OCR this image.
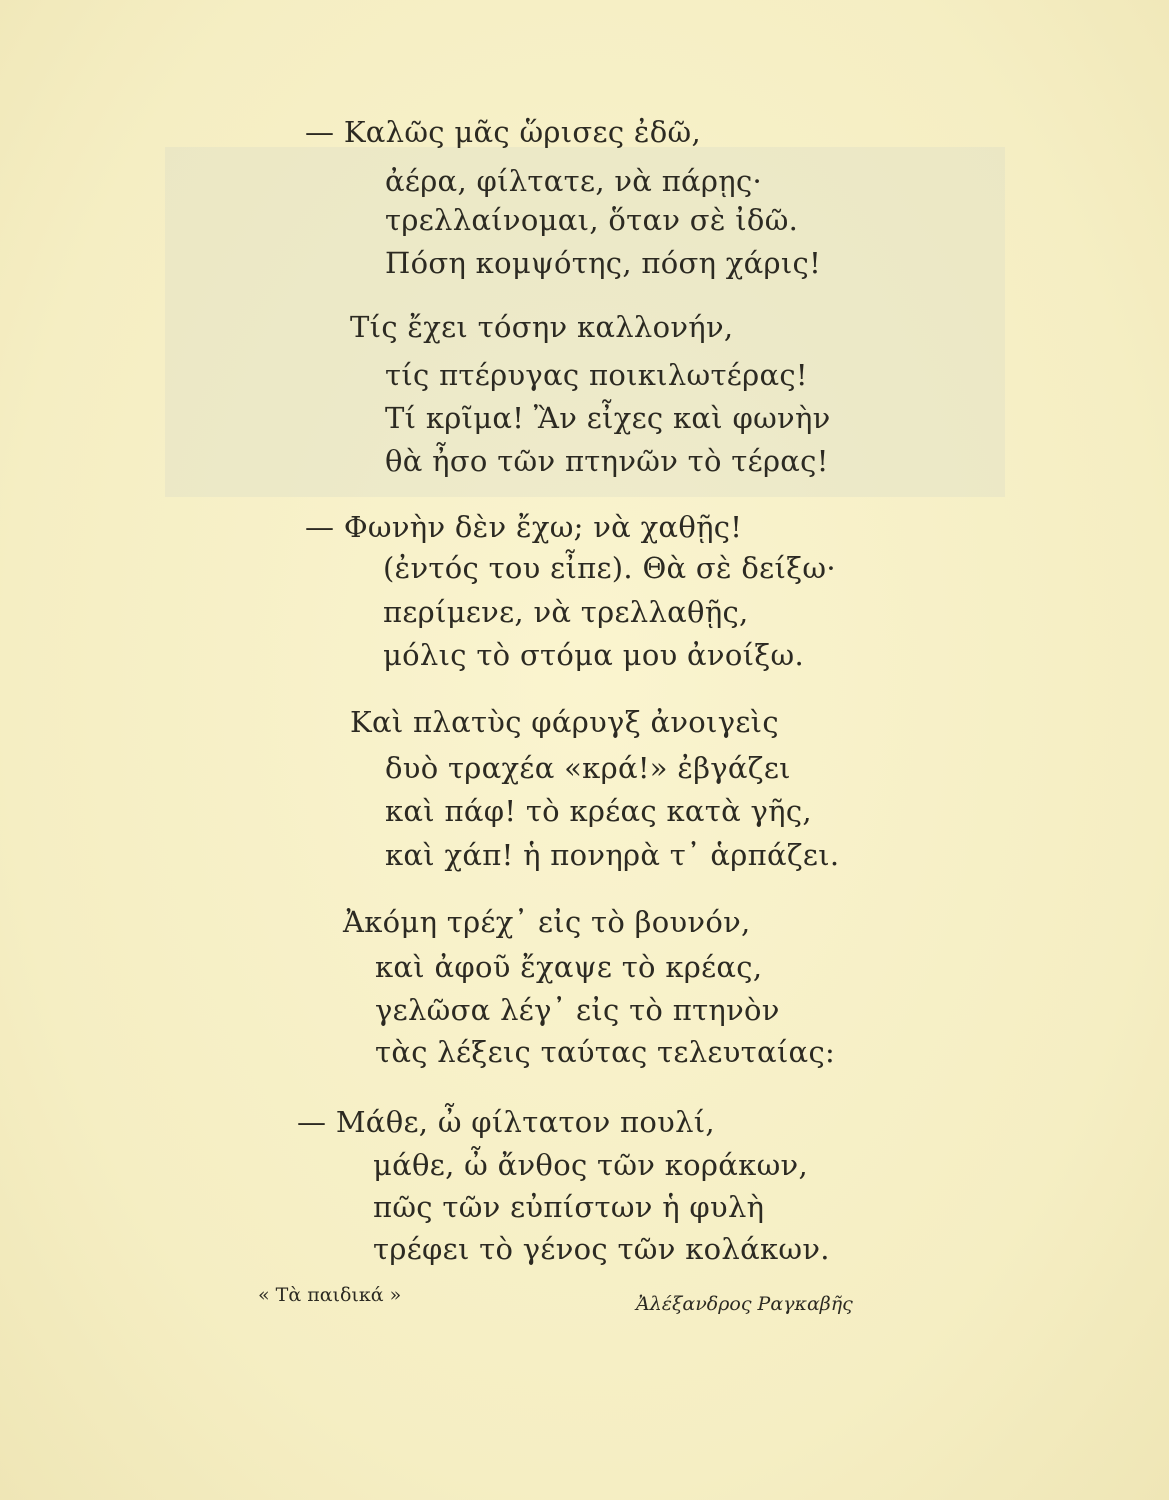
— Καλῶς μᾶς ὥρισες ἐδῶ,
ἀέρα, φίλτατε, νὰ πάρῃς·
τρελλαίνομαι, ὅταν σὲ ἰδῶ.
Πόση κομψότης, πόση χάρις!
Τίς ἔχει τόσην καλλονήν,
τίς πτέρυγας ποικιλωτέρας!
Τί κρῖμα! Ἂν εἶχες καὶ φωνὴν
θὰ ἦσο τῶν πτηνῶν τὸ τέρας!
— Φωνὴν δὲν ἔχω; νὰ χαθῇς!
(ἐντός του εἶπε). Θὰ σὲ δείξω·
περίμενε, νὰ τρελλαθῇς,
μόλις τὸ στόμα μου ἀνοίξω.
Καὶ πλατὺς φάρυγξ ἀνοιγεὶς
δυὸ τραχέα «κρά!» ἐβγάζει
καὶ πάφ! τὸ κρέας κατὰ γῆς,
καὶ χάπ! ἡ πονηρὰ τ᾽ ἁρπάζει.
Ἀκόμη τρέχ᾽ εἰς τὸ βουνόν,
καὶ ἀφοῦ ἔχαψε τὸ κρέας,
γελῶσα λέγ᾽ εἰς τὸ πτηνὸν
τὰς λέξεις ταύτας τελευταίας:
— Μάθε, ὦ φίλτατον πουλί,
μάθε, ὦ ἄνθος τῶν κοράκων,
πῶς τῶν εὐπίστων ἡ φυλὴ
τρέφει τὸ γένος τῶν κολάκων.
« Τὰ παιδικά »	Ἀλέξανδρος Ραγκαβῆς
